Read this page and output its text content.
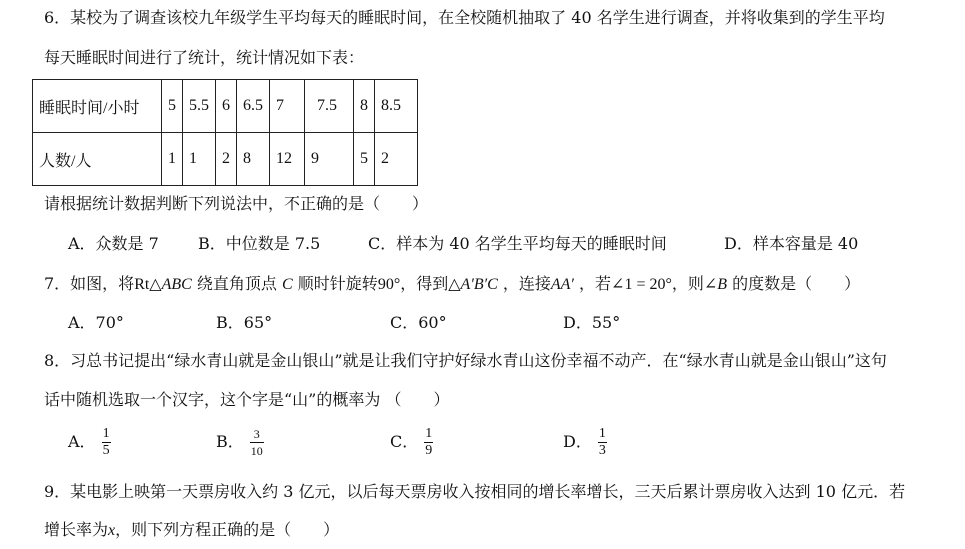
6．某校为了调查该校九年级学生平均每天的睡眠时间，在全校随机抽取了 40 名学生进行调查，并将收集到的学生平均
每天睡眠时间进行了统计，统计情况如下表：
睡眠时间/小时	5	5.5	6	6.5	7	7.5	8	8.5
人数/人	1	1	2	8	12	9	5	2
请根据统计数据判断下列说法中，不正确的是（　　）
A．众数是 7 B．中位数是 7.5	C．样本为 40 名学生平均每天的睡眠时间	D．样本容量是 40
7．如图，将Rt△ABC 绕直角顶点 C 顺时针旋转90°，得到△A′B′C ，连接AA′ ，若∠1 = 20°，则∠B 的度数是（　　）
A．70°	B．65°	C．60°	D．55°
8．习总书记提出“绿水青山就是金山银山”就是让我们守护好绿水青山这份幸福不动产．在“绿水青山就是金山银山”这句
话中随机选取一个汉字，这个字是“山”的概率为 （　　）
A． $\frac{1}{5}$	B． $\frac{3}{10}$	C． $\frac{1}{9}$	D． $\frac{1}{3}$
9．某电影上映第一天票房收入约 3 亿元，以后每天票房收入按相同的增长率增长，三天后累计票房收入达到 10 亿元．若
增长率为x，则下列方程正确的是（　　）
